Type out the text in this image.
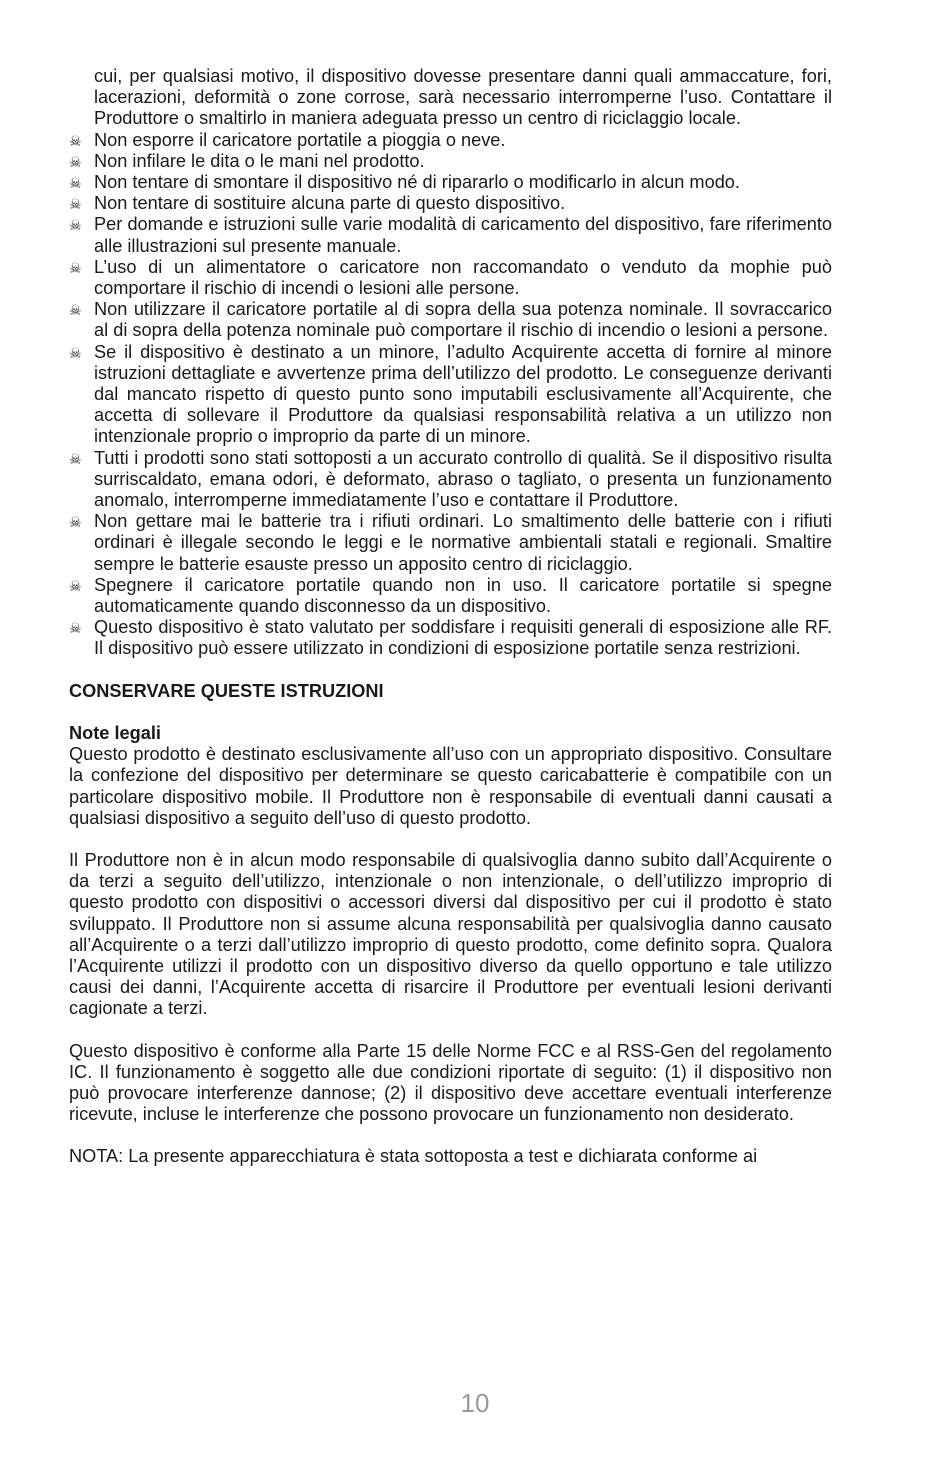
cui, per qualsiasi motivo, il dispositivo dovesse presentare danni quali ammaccature, fori, lacerazioni, deformità o zone corrose, sarà necessario interromperne l’uso. Contattare il Produttore o smaltirlo in maniera adeguata presso un centro di riciclaggio locale.

☠ Non esporre il caricatore portatile a pioggia o neve.
☠ Non infilare le dita o le mani nel prodotto.
☠ Non tentare di smontare il dispositivo né di ripararlo o modificarlo in alcun modo.
☠ Non tentare di sostituire alcuna parte di questo dispositivo.
☠ Per domande e istruzioni sulle varie modalità di caricamento del dispositivo, fare riferimento alle illustrazioni sul presente manuale.
☠ L’uso di un alimentatore o caricatore non raccomandato o venduto da mophie può comportare il rischio di incendi o lesioni alle persone.
☠ Non utilizzare il caricatore portatile al di sopra della sua potenza nominale. Il sovraccarico al di sopra della potenza nominale può comportare il rischio di incendio o lesioni a persone.
☠ Se il dispositivo è destinato a un minore, l’adulto Acquirente accetta di fornire al minore istruzioni dettagliate e avvertenze prima dell’utilizzo del prodotto. Le conseguenze derivanti dal mancato rispetto di questo punto sono imputabili esclusivamente all’Acquirente, che accetta di sollevare il Produttore da qualsiasi responsabilità relativa a un utilizzo non intenzionale proprio o improprio da parte di un minore.
☠ Tutti i prodotti sono stati sottoposti a un accurato controllo di qualità. Se il dispositivo risulta surriscaldato, emana odori, è deformato, abraso o tagliato, o presenta un funzionamento anomalo, interromperne immediatamente l’uso e contattare il Produttore.
☠ Non gettare mai le batterie tra i rifiuti ordinari. Lo smaltimento delle batterie con i rifiuti ordinari è illegale secondo le leggi e le normative ambientali statali e regionali. Smaltire sempre le batterie esauste presso un apposito centro di riciclaggio.
☠ Spegnere il caricatore portatile quando non in uso. Il caricatore portatile si spegne automaticamente quando disconnesso da un dispositivo.
☠ Questo dispositivo è stato valutato per soddisfare i requisiti generali di esposizione alle RF. Il dispositivo può essere utilizzato in condizioni di esposizione portatile senza restrizioni.

CONSERVARE QUESTE ISTRUZIONI

Note legali

Questo prodotto è destinato esclusivamente all’uso con un appropriato dispositivo. Consultare la confezione del dispositivo per determinare se questo caricabatterie è compatibile con un particolare dispositivo mobile. Il Produttore non è responsabile di eventuali danni causati a qualsiasi dispositivo a seguito dell’uso di questo prodotto.

Il Produttore non è in alcun modo responsabile di qualsivoglia danno subito dall’Acquirente o da terzi a seguito dell’utilizzo, intenzionale o non intenzionale, o dell’utilizzo improprio di questo prodotto con dispositivi o accessori diversi dal dispositivo per cui il prodotto è stato sviluppato. Il Produttore non si assume alcuna responsabilità per qualsivoglia danno causato all’Acquirente o a terzi dall’utilizzo improprio di questo prodotto, come definito sopra. Qualora l’Acquirente utilizzi il prodotto con un dispositivo diverso da quello opportuno e tale utilizzo causi dei danni, l’Acquirente accetta di risarcire il Produttore per eventuali lesioni derivanti cagionate a terzi.

Questo dispositivo è conforme alla Parte 15 delle Norme FCC e al RSS-Gen del regolamento IC. Il funzionamento è soggetto alle due condizioni riportate di seguito: (1) il dispositivo non può provocare interferenze dannose; (2) il dispositivo deve accettare eventuali interferenze ricevute, incluse le interferenze che possono provocare un funzionamento non desiderato.

NOTA: La presente apparecchiatura è stata sottoposta a test e dichiarata conforme ai

10
